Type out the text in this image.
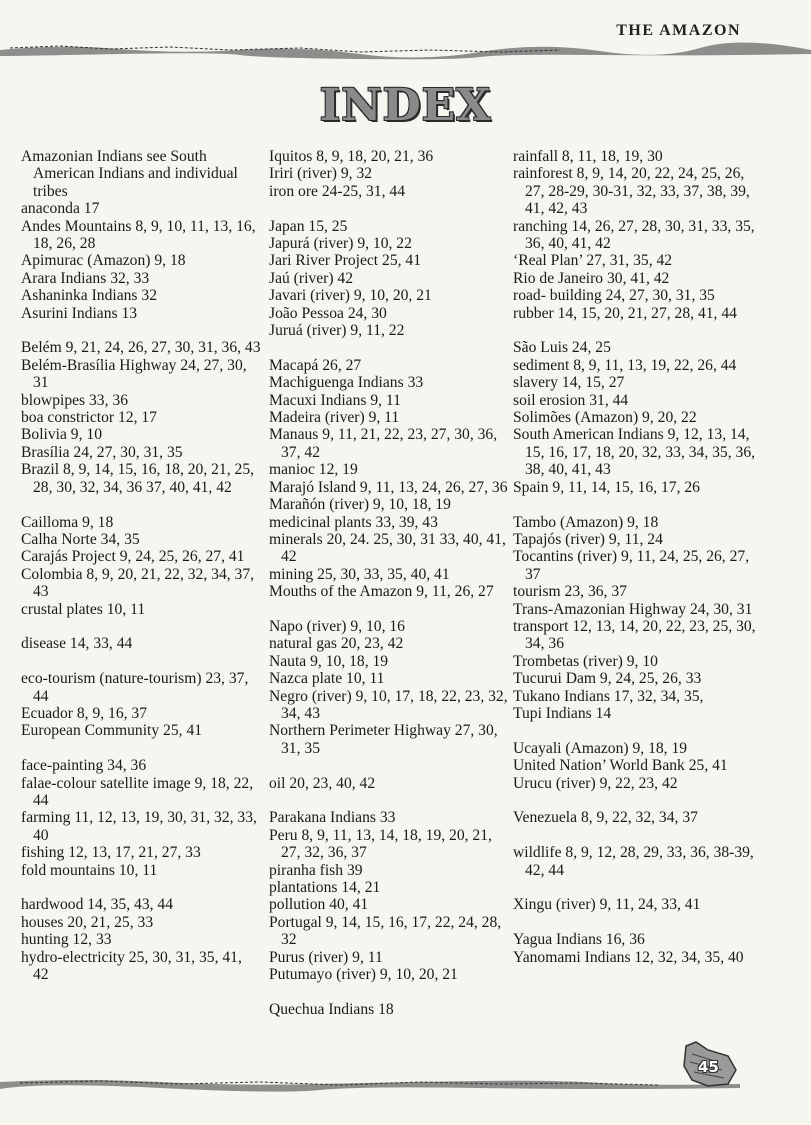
THE AMAZON
INDEX

Amazonian Indians see South American Indians and individual tribes

anaconda 17

Andes Mountains 8, 9, 10, 11, 13, 16, 18, 26, 28

Apimurac (Amazon) 9, 18

Arara Indians 32, 33

Ashaninka Indians 32

Asurini Indians 13

Belém 9, 21, 24, 26, 27, 30, 31, 36, 43

Belém-Brasília Highway 24, 27, 30, 31

blowpipes 33, 36

boa constrictor 12, 17

Bolivia 9, 10

Brasília 24, 27, 30, 31, 35

Brazil 8, 9, 14, 15, 16, 18, 20, 21, 25, 28, 30, 32, 34, 36 37, 40, 41, 42

Cailloma 9, 18

Calha Norte 34, 35

Carajás Project 9, 24, 25, 26, 27, 41

Colombia 8, 9, 20, 21, 22, 32, 34, 37, 43

crustal plates 10, 11

disease 14, 33, 44

eco-tourism (nature-tourism) 23, 37, 44

Ecuador 8, 9, 16, 37

European Community 25, 41

face-painting 34, 36

falae-colour satellite image 9, 18, 22, 44

farming 11, 12, 13, 19, 30, 31, 32, 33, 40

fishing 12, 13, 17, 21, 27, 33

fold mountains 10, 11

hardwood 14, 35, 43, 44

houses 20, 21, 25, 33

hunting 12, 33

hydro-electricity 25, 30, 31, 35, 41, 42

Iquitos 8, 9, 18, 20, 21, 36

Iriri (river) 9, 32

iron ore 24-25, 31, 44

Japan 15, 25

Japurá (river) 9, 10, 22

Jari River Project 25, 41

Jaú (river) 42

Javari (river) 9, 10, 20, 21

João Pessoa 24, 30

Juruá (river) 9, 11, 22

Macapá 26, 27

Machiguenga Indians 33

Macuxi Indians 9, 11

Madeira (river) 9, 11

Manaus 9, 11, 21, 22, 23, 27, 30, 36, 37, 42

manioc 12, 19

Marajó Island 9, 11, 13, 24, 26, 27, 36

Marañón (river) 9, 10, 18, 19

medicinal plants 33, 39, 43

minerals 20, 24. 25, 30, 31 33, 40, 41, 42

mining 25, 30, 33, 35, 40, 41

Mouths of the Amazon 9, 11, 26, 27

Napo (river) 9, 10, 16

natural gas 20, 23, 42

Nauta 9, 10, 18, 19

Nazca plate 10, 11

Negro (river) 9, 10, 17, 18, 22, 23, 32, 34, 43

Northern Perimeter Highway 27, 30, 31, 35

oil 20, 23, 40, 42

Parakana Indians 33

Peru 8, 9, 11, 13, 14, 18, 19, 20, 21, 27, 32, 36, 37

piranha fish 39

plantations 14, 21

pollution 40, 41

Portugal 9, 14, 15, 16, 17, 22, 24, 28, 32

Purus (river) 9, 11

Putumayo (river) 9, 10, 20, 21

Quechua Indians 18

rainfall 8, 11, 18, 19, 30

rainforest 8, 9, 14, 20, 22, 24, 25, 26, 27, 28-29, 30-31, 32, 33, 37, 38, 39, 41, 42, 43

ranching 14, 26, 27, 28, 30, 31, 33, 35, 36, 40, 41, 42

‘Real Plan’ 27, 31, 35, 42

Rio de Janeiro 30, 41, 42

road- building 24, 27, 30, 31, 35

rubber 14, 15, 20, 21, 27, 28, 41, 44

São Luis 24, 25

sediment 8, 9, 11, 13, 19, 22, 26, 44

slavery 14, 15, 27

soil erosion 31, 44

Solimões (Amazon) 9, 20, 22

South American Indians 9, 12, 13, 14, 15, 16, 17, 18, 20, 32, 33, 34, 35, 36, 38, 40, 41, 43

Spain 9, 11, 14, 15, 16, 17, 26

Tambo (Amazon) 9, 18

Tapajós (river) 9, 11, 24

Tocantins (river) 9, 11, 24, 25, 26, 27, 37

tourism 23, 36, 37

Trans-Amazonian Highway 24, 30, 31

transport 12, 13, 14, 20, 22, 23, 25, 30, 34, 36

Trombetas (river) 9, 10

Tucurui Dam 9, 24, 25, 26, 33

Tukano Indians 17, 32, 34, 35,

Tupi Indians 14

Ucayali (Amazon) 9, 18, 19

United Nation’ World Bank 25, 41

Urucu (river) 9, 22, 23, 42

Venezuela 8, 9, 22, 32, 34, 37

wildlife 8, 9, 12, 28, 29, 33, 36, 38-39, 42, 44

Xingu (river) 9, 11, 24, 33, 41

Yagua Indians 16, 36

Yanomami Indians 12, 32, 34, 35, 40

45
